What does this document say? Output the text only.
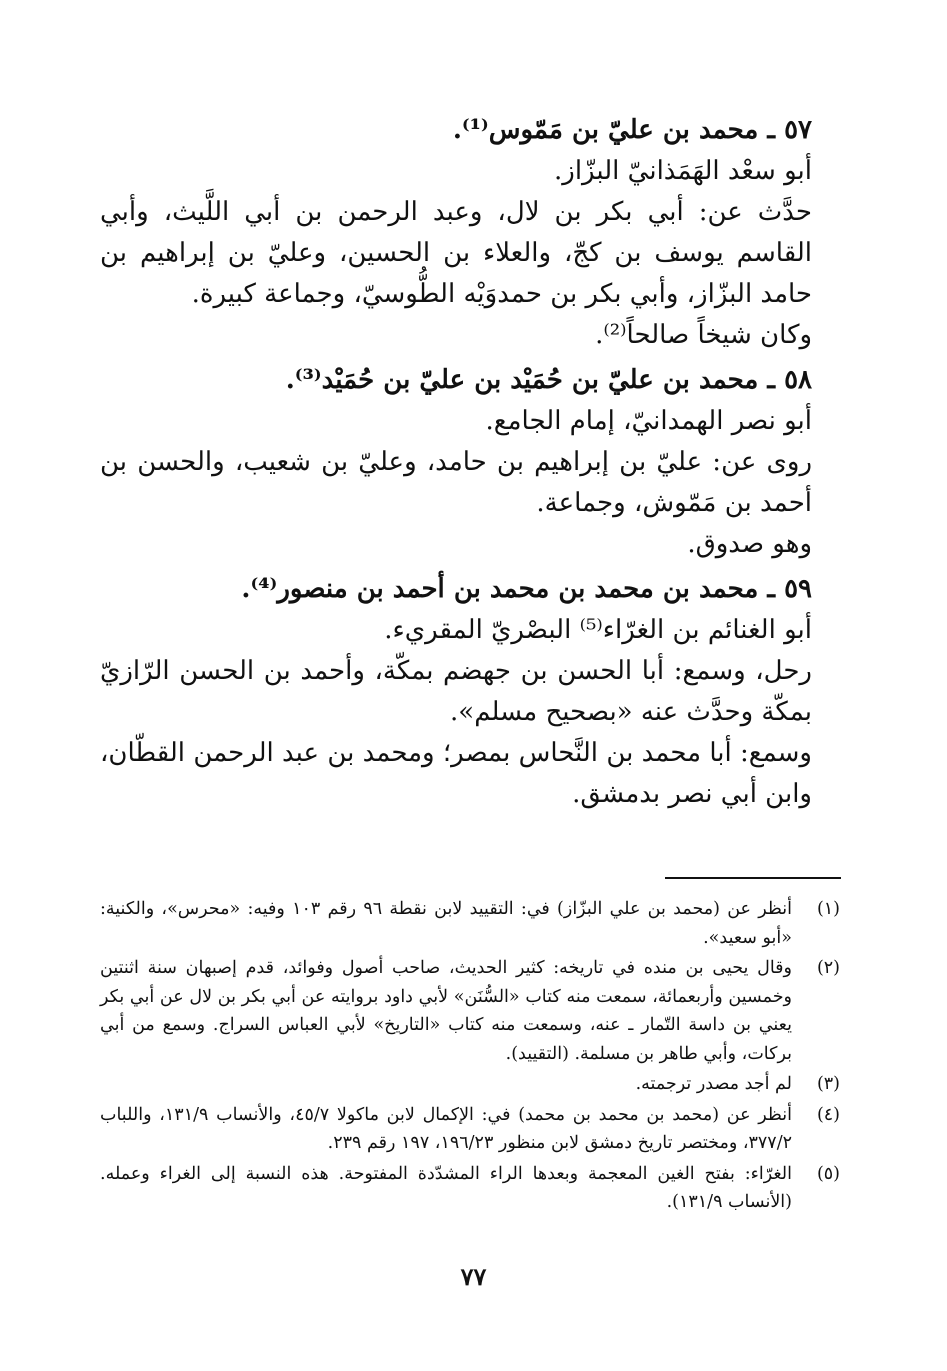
٥٧ ـ محمد بن عليّ بن مَمّوس⁽¹⁾.
أبو سعْد الهَمَذانيّ البزّاز.
حدَّث عن: أبي بكر بن لال، وعبد الرحمن بن أبي اللَّيث، وأبي القاسم يوسف بن كجّ، والعلاء بن الحسين، وعليّ بن إبراهيم بن حامد البزّاز، وأبي بكر بن حمدوَيْه الطُّوسيّ، وجماعة كبيرة.
وكان شيخاً صالحاً⁽²⁾.
٥٨ ـ محمد بن عليّ بن حُمَيْد بن عليّ بن حُمَيْد⁽³⁾.
أبو نصر الهمدانيّ، إمام الجامع.
روى عن: عليّ بن إبراهيم بن حامد، وعليّ بن شعيب، والحسن بن أحمد بن مَمّوش، وجماعة.
وهو صدوق.
٥٩ ـ محمد بن محمد بن محمد بن أحمد بن منصور⁽⁴⁾.
أبو الغنائم بن الغرّاء⁽⁵⁾ البصْريّ المقريء.
رحل، وسمع: أبا الحسن بن جهضم بمكّة، وأحمد بن الحسن الرّازيّ بمكّة وحدَّث عنه «بصحيح مسلم».
وسمع: أبا محمد بن النَّحاس بمصر؛ ومحمد بن عبد الرحمن القطّان، وابن أبي نصر بدمشق.
(١)
أنظر عن (محمد بن علي البزّاز) في: التقييد لابن نقطة ٩٦ رقم ١٠٣ وفيه: «محرس»، والكنية: «أبو سعيد».
(٢)
وقال يحيى بن منده في تاريخه: كثير الحديث، صاحب أصول وفوائد، قدم إصبهان سنة اثنتين وخمسين وأربعمائة، سمعت منه كتاب «السُّنَن» لأبي داود بروايته عن أبي بكر بن لال عن أبي بكر يعني بن داسة التّمار ـ عنه، وسمعت منه كتاب «التاريخ» لأبي العباس السراج. وسمع من أبي بركات، وأبي طاهر بن مسلمة. (التقييد).
(٣)
لم أجد مصدر ترجمته.
(٤)
أنظر عن (محمد بن محمد بن محمد) في: الإكمال لابن ماكولا ٤٥/٧، والأنساب ١٣١/٩، واللباب ٣٧٧/٢، ومختصر تاريخ دمشق لابن منظور ١٩٦/٢٣، ١٩٧ رقم ٢٣٩.
(٥)
الغرّاء: بفتح الغين المعجمة وبعدها الراء المشدّدة المفتوحة. هذه النسبة إلى الغراء وعمله. (الأنساب ١٣١/٩).
٧٧
